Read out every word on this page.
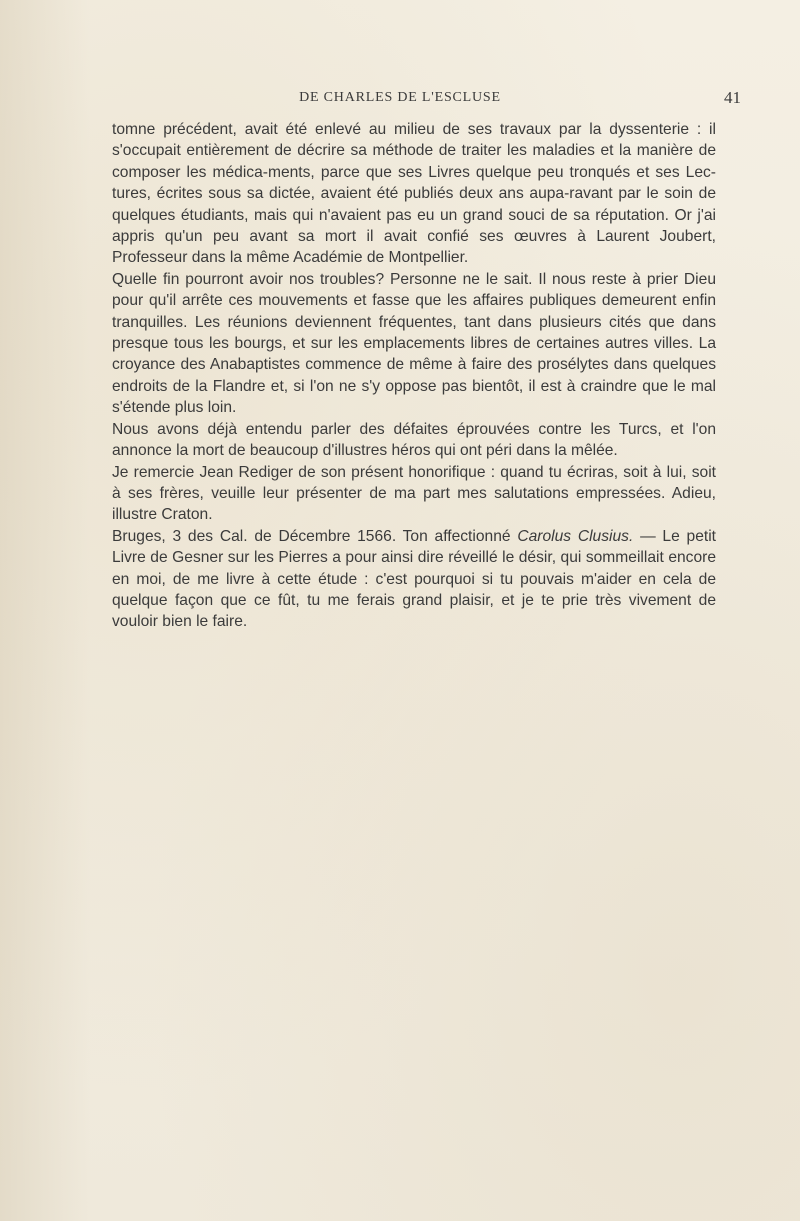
DE CHARLES DE L'ESCLUSE	41

tomne précédent, avait été enlevé au milieu de ses travaux par la dyssenterie : il s'occupait entièrement de décrire sa méthode de traiter les maladies et la manière de composer les médica-ments, parce que ses Livres quelque peu tronqués et ses Lec-tures, écrites sous sa dictée, avaient été publiés deux ans aupa-ravant par le soin de quelques étudiants, mais qui n'avaient pas eu un grand souci de sa réputation. Or j'ai appris qu'un peu avant sa mort il avait confié ses œuvres à Laurent Joubert, Professeur dans la même Académie de Montpellier.

Quelle fin pourront avoir nos troubles? Personne ne le sait. Il nous reste à prier Dieu pour qu'il arrête ces mouvements et fasse que les affaires publiques demeurent enfin tranquilles. Les réunions deviennent fréquentes, tant dans plusieurs cités que dans presque tous les bourgs, et sur les emplacements libres de certaines autres villes. La croyance des Anabaptistes commence de même à faire des prosélytes dans quelques endroits de la Flandre et, si l'on ne s'y oppose pas bientôt, il est à craindre que le mal s'étende plus loin.

Nous avons déjà entendu parler des défaites éprouvées contre les Turcs, et l'on annonce la mort de beaucoup d'illustres héros qui ont péri dans la mêlée.

Je remercie Jean Rediger de son présent honorifique : quand tu écriras, soit à lui, soit à ses frères, veuille leur présenter de ma part mes salutations empressées. Adieu, illustre Craton.

Bruges, 3 des Cal. de Décembre 1566. Ton affectionné Carolus Clusius. — Le petit Livre de Gesner sur les Pierres a pour ainsi dire réveillé le désir, qui sommeillait encore en moi, de me livre à cette étude : c'est pourquoi si tu pouvais m'aider en cela de quelque façon que ce fût, tu me ferais grand plaisir, et je te prie très vivement de vouloir bien le faire.
